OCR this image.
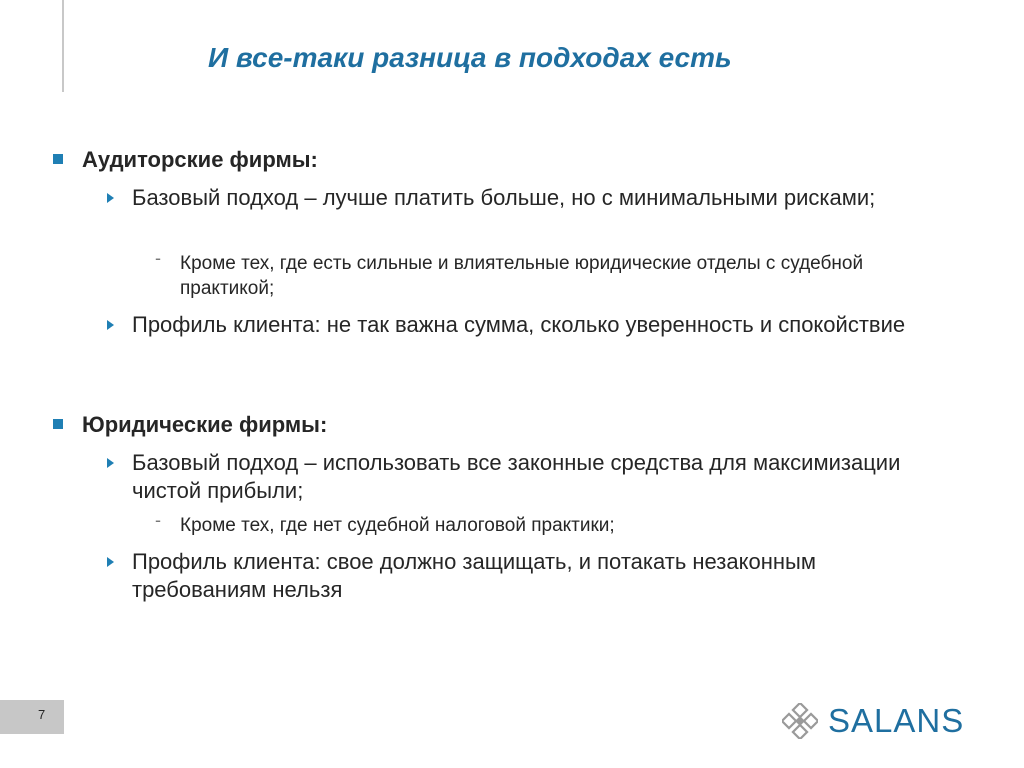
И все-таки разница в подходах есть
Аудиторские фирмы:
Базовый подход – лучше платить больше, но с минимальными рисками;
- Кроме тех, где есть сильные и влиятельные юридические отделы с судебной практикой;
Профиль клиента: не так важна сумма, сколько уверенность и спокойствие
Юридические фирмы:
Базовый подход – использовать все законные средства для максимизации чистой прибыли;
- Кроме тех, где нет судебной налоговой практики;
Профиль клиента: свое должно защищать, и потакать незаконным требованиям нельзя
7	SALANS
